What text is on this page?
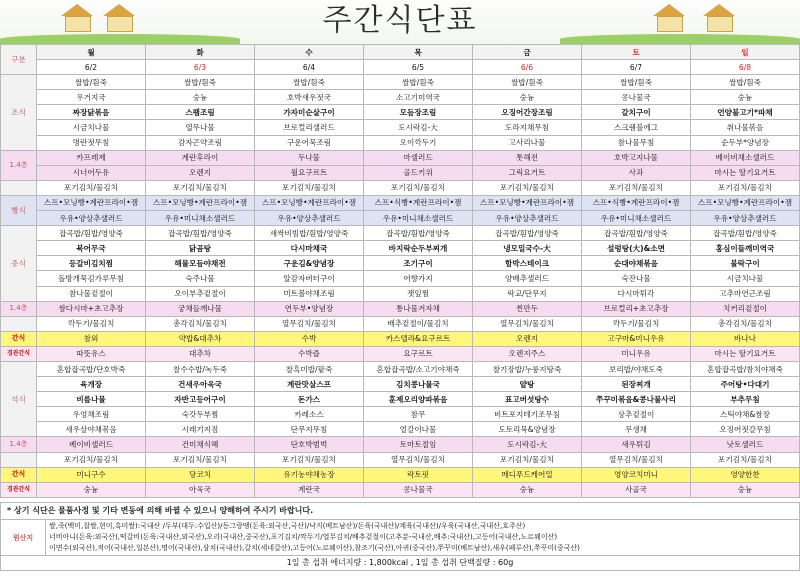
주간식단표
구분	월	화	수	목	금	토	일
	6/2	6/3	6/4	6/5	6/6	6/7	6/8
조식	쌀밥/흰죽	쌀밥/흰죽	쌀밥/흰죽	쌀밥/흰죽	쌀밥/흰죽	쌀밥/흰죽	쌀밥/흰죽
	우거지국	숭늉	호박새우젓국	소고기미역국	숭늉	콩나물국	숭늉
	짜장닭볶음	스팸조림	가자미순살구이	모듬장조림	오징어간장조림	갈치구이	언양불고기*파채
	시금치나물	열무나물	브로컬리샐러드	도시락김-大	도라지채무침	스크램블에그	취나물볶음
	명란젓무침	감자곤약조림	구운어묵조림	오이깍두기	고사리나물	참나물무침	순두부*양념장
1.4층	카프레제	계란후라이	두나물	마셀러드	톳해전	호박고지나물	베이비채소샐러드
	시너어두유	오렌지	월요구르트	골드키위	그릭요거트	사과	마시는 딸기요거트
	포기김치/물김치	포기김치/물김치	포기김치/물김치	포기김치/물김치	포기김치/물김치	포기김치/물김치	포기김치/물김치
빵식	스프•모닝빵•계란프라이•잼	스프•모닝빵•계란프라이•잼	스프•모닝빵•계란프라이•잼	스프•식빵•계란프라이•잼	스프•모닝빵•계란프라이•잼	스프•식빵•계란프라이•잼	스프•모닝빵•계란프라이•잼
	우유•양상추샐러드	우유•미니채소샐러드	우유•양상추샐러드	우유•미니채소샐러드	우유•양상추샐러드	우유•미니채소샐러드	우유•양상추샐러드
중식	잡곡밥/흰밥/영양죽	잡곡밥/흰밥/영양죽	새싹비빔밥/흰밥/영양죽	잡곡밥/흰밥/영양죽	잡곡밥/흰밥/영양죽	잡곡밥/흰밥/영양죽	잡곡밥/흰밥/영양죽
	북어무국	닭곰탕	다시마채국	바지락순두부찌개	냉모밀국수-大	설렁탕(大)&소면	홍심이들깨미역국
	등갈비김치찜	해물모듬야채전	구운김&양념장	조기구이	함박스테이크	순대야채볶음	불락구이
	돌방개묵김가루무침	숙주나물	알감자버터구이	어향가지	양배추샐러드	숙잔나물	시금치나물
	참나물겉절이	오이부추겉절이	미트볼야채조림	젯잎찜	락교/단무지	다시마튀각	고추마연근조림
1.4층	쌈다시마+초고추장	궁채들깨나물	연두부•양념장	통나물겨자채	찐만두	브로컬리+초고추장	치커리겉절이
	깍두기/물김치	총각김치/물김치	열무김치/물김치	배추겉절이/물김치	열무김치/물김치	깍두기/물김치	총각김치/물김치
간식	참외	약밥&대추차	수박	카스텔라&요구르트	오렌지	고구마&미니우유	바나나
경관간식	따뜻유스	대추차	수박즙	요구르트	오렌지주스	미니우유	마시는 딸기요거트
석식	혼합잡곡밥/단호박죽	찰수수밥/녹두죽	찰흑미밥/팥죽	혼합잡곡밥/소고기야채죽	찰기장밥/누룽지탕죽	보리밥/야채도죽	혼합잡곡밥/참치야채죽
	육개장	건새우아욱국	계란맛살스프	김치콩나물국	얄탕	된장찌개	주어탕•다대기
	비름나물	자반고등어구이	돈가스	훈제오리양파볶음	표고버섯탕수	쭈꾸미볶음&콩나물사리	부추무침
	우엉채조림	숙갓두부찜	카레소스	참무	비트포지테기조무침	상추겉절이	스틱야채&쌈장
	새우살야채볶음	시래기지짐	단무지무침	얼갈이나물	도토리묵&양념장	무생채	오징어젓갈무침
1.4층	베이비샐러드	건미채식혜	단호박범벅	토마토절임	도시락김-大	새우튀김	낫토샐러드
	포기김치/물김치	포기김치/물김치	포기김치/물김치	열무김치/물김치	포기김치/물김치	열무김치/물김치	포기김치/물김치
간식	미니구수	당코치	유기농야채농장	락토핏	메디푸드케어밀	영양코치미니	영양한찬
경관간식	숭늉	아욱국	계란국	콩나물국	숭늉	사골국	숭늉
* 상기 식단은 물품사정 및 기타 변동에 의해 바뀔 수 있으니 양해하여 주시기 바랍니다.
원산지
쌀,죽(백미,찹쌀,현미,흑미쌀):국내산 /두부(대두:수입산)/동그랑땡(돈육:외국산,국산)/낙지(베트남산)/돈육(국내산)/계육(국내산)/우육(국내산,국내산,호주산)
너비아니(돈육:외국산),떡갈비(돈육:국내산,외국산),오리(국내산,중국산),포기김치/깍두기/열무김치/배추겉절이(고추분-국내산,배추:국내산),고등어(국내산,노르웨이산)
이면수(외국산),적어(국내산,일본산),명어(국내산),삼치(국내산),갈치(세네갈산),고등어(노르웨이산),참조기(국산),아귀(중국산),쭈꾸미(베트남산),새우(페루산),쭈꾸미(중국산)
1일 총 섭취 에너지량 : 1,800kcal , 1일 총 섭취 단백질량 : 60g
